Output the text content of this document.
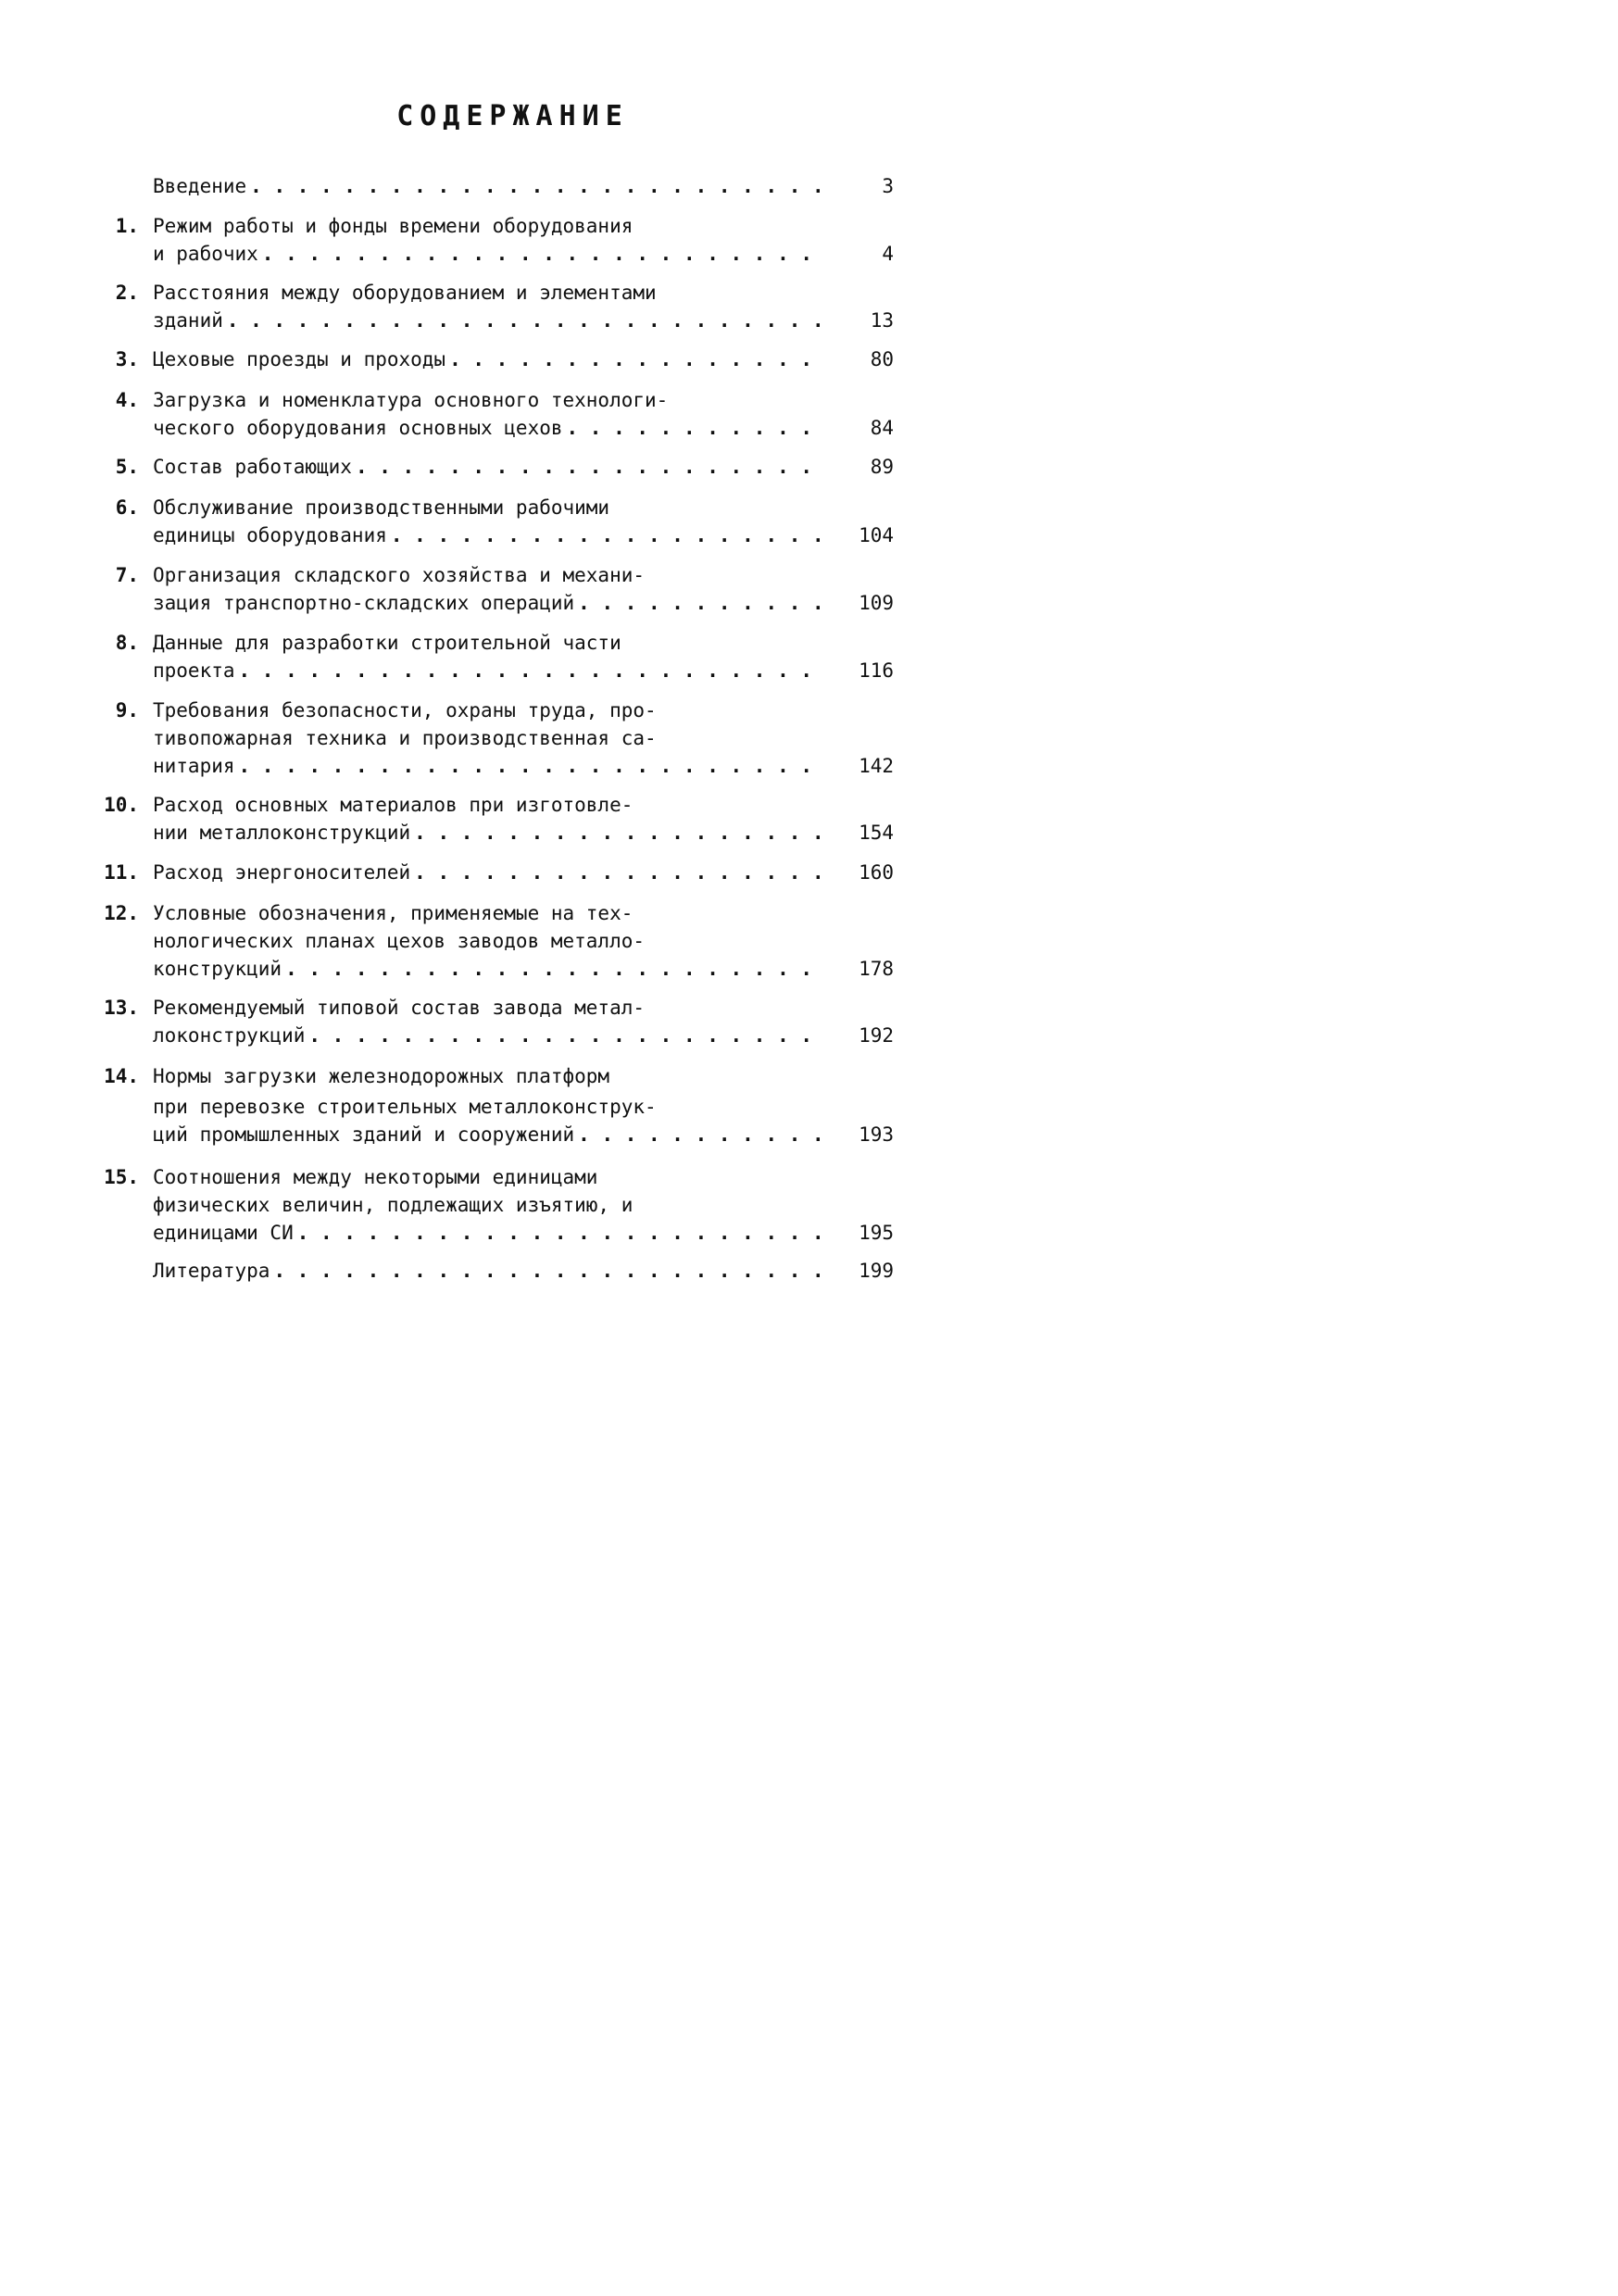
СОДЕРЖАНИЕ
Введение . . .	3
1. Режим работы и фонды времени оборудования
и рабочих . . .	4
2. Расстояния между оборудованием и элементами
зданий . . .	13
3. Цеховые проезды и проходы . . .	80
4. Загрузка и номенклатура основного технологи-
ческого оборудования основных цехов . . .	84
5. Состав работающих . . .	89
6. Обслуживание производственными рабочими
единицы оборудования . . .	104
7. Организация складского хозяйства и механи-
зация транспортно-складских операций . . .	109
8. Данные для разработки строительной части
проекта . . .	116
9. Требования безопасности, охраны труда, про-
тивопожарная техника и производственная са-
нитария . . .	142
10. Расход основных материалов при изготовле-
нии металлоконструкций . . .	154
11. Расход энергоносителей . . .	160
12. Условные обозначения, применяемые на тех-
нологических планах цехов заводов металло-
конструкций . . .	178
13. Рекомендуемый типовой состав завода метал-
локонструкций . . .	192
14. Нормы загрузки железнодорожных платформ
при перевозке строительных металлоконструк-
ций промышленных зданий и сооружений . . .	193
15. Соотношения между некоторыми единицами
физических величин, подлежащих изъятию, и
единицами СИ . . .	195
Литература . . .	199
